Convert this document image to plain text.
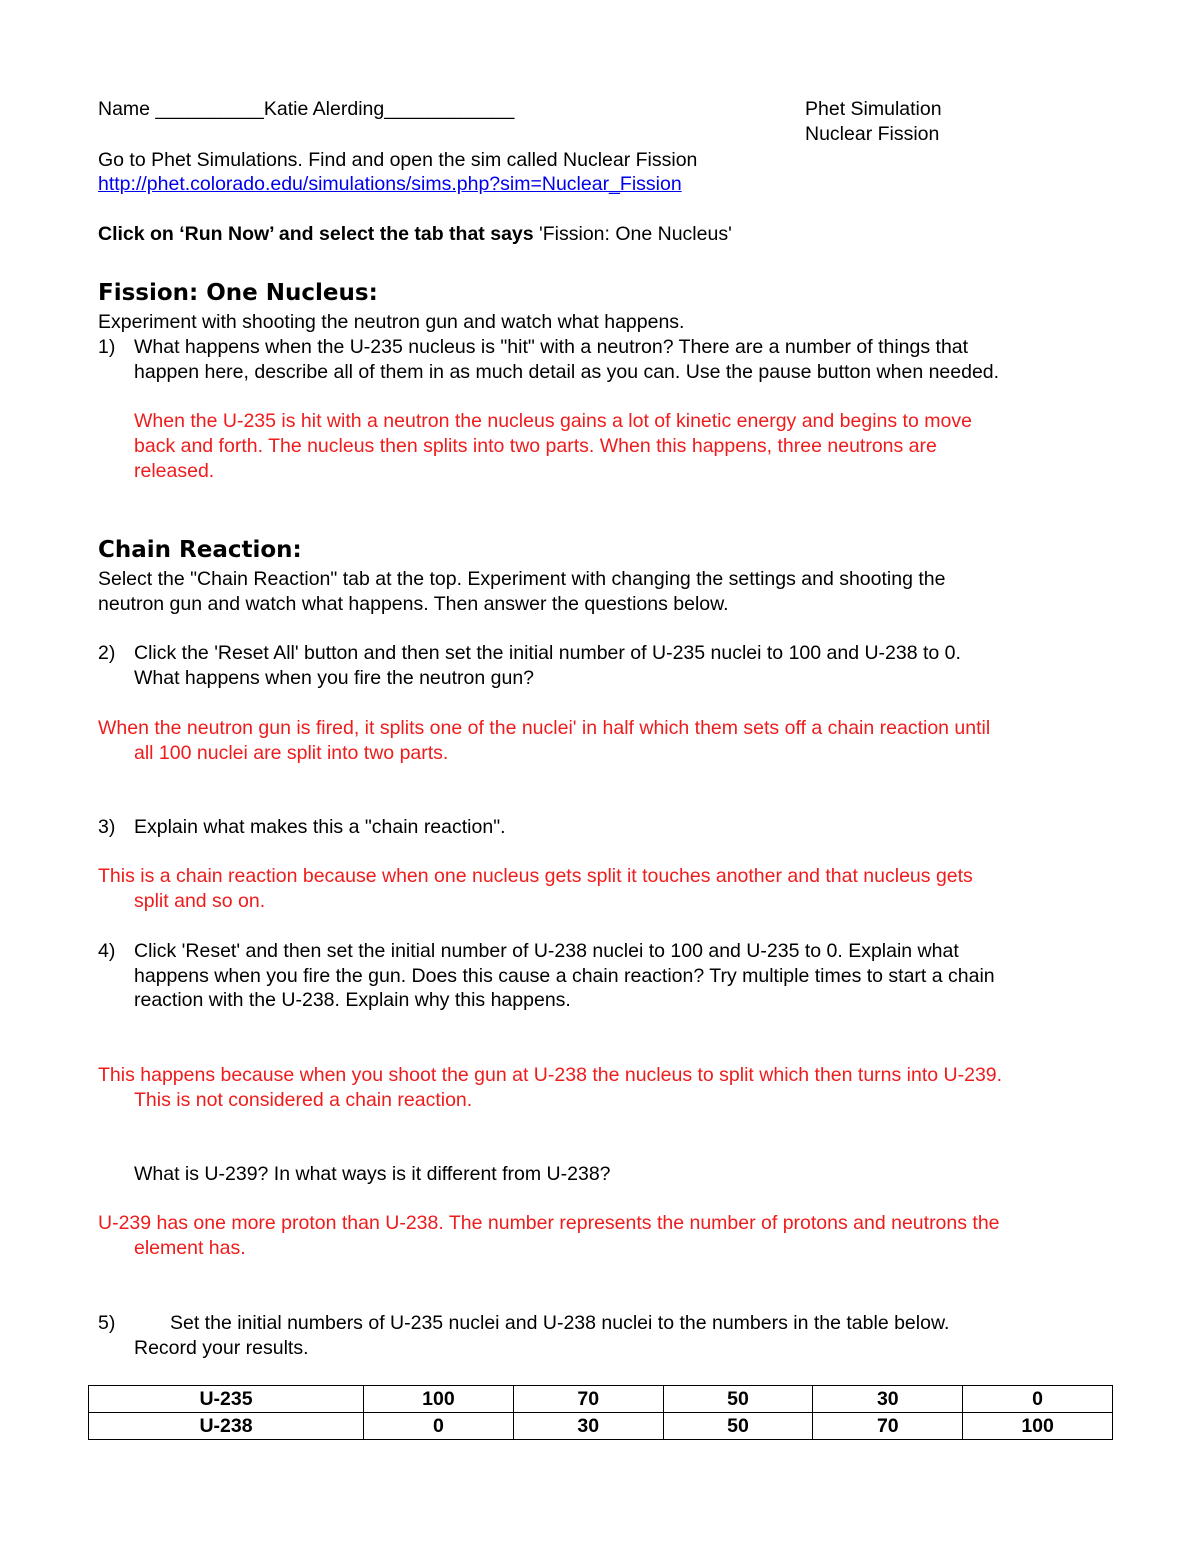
Name __________Katie Alerding____________	Phet Simulation
Nuclear Fission
Go to Phet Simulations. Find and open the sim called Nuclear Fission
http://phet.colorado.edu/simulations/sims.php?sim=Nuclear_Fission
Click on ‘Run Now’ and select the tab that says 'Fission: One Nucleus'
Fission: One Nucleus:
Experiment with shooting the neutron gun and watch what happens.
1) What happens when the U-235 nucleus is "hit" with a neutron? There are a number of things that
happen here, describe all of them in as much detail as you can. Use the pause button when needed.
When the U-235 is hit with a neutron the nucleus gains a lot of kinetic energy and begins to move
back and forth. The nucleus then splits into two parts. When this happens, three neutrons are
released.
Chain Reaction:
Select the "Chain Reaction" tab at the top. Experiment with changing the settings and shooting the
neutron gun and watch what happens. Then answer the questions below.
2) Click the 'Reset All' button and then set the initial number of U-235 nuclei to 100 and U-238 to 0.
What happens when you fire the neutron gun?
When the neutron gun is fired, it splits one of the nuclei' in half which them sets off a chain reaction until
all 100 nuclei are split into two parts.
3) Explain what makes this a "chain reaction".
This is a chain reaction because when one nucleus gets split it touches another and that nucleus gets
split and so on.
4) Click 'Reset' and then set the initial number of U-238 nuclei to 100 and U-235 to 0. Explain what
happens when you fire the gun. Does this cause a chain reaction? Try multiple times to start a chain
reaction with the U-238. Explain why this happens.
This happens because when you shoot the gun at U-238 the nucleus to split which then turns into U-239.
This is not considered a chain reaction.
What is U-239? In what ways is it different from U-238?
U-239 has one more proton than U-238. The number represents the number of protons and neutrons the
element has.
5)	Set the initial numbers of U-235 nuclei and U-238 nuclei to the numbers in the table below.
Record your results.
U-235	100	70	50	30	0
U-238	0	30	50	70	100
